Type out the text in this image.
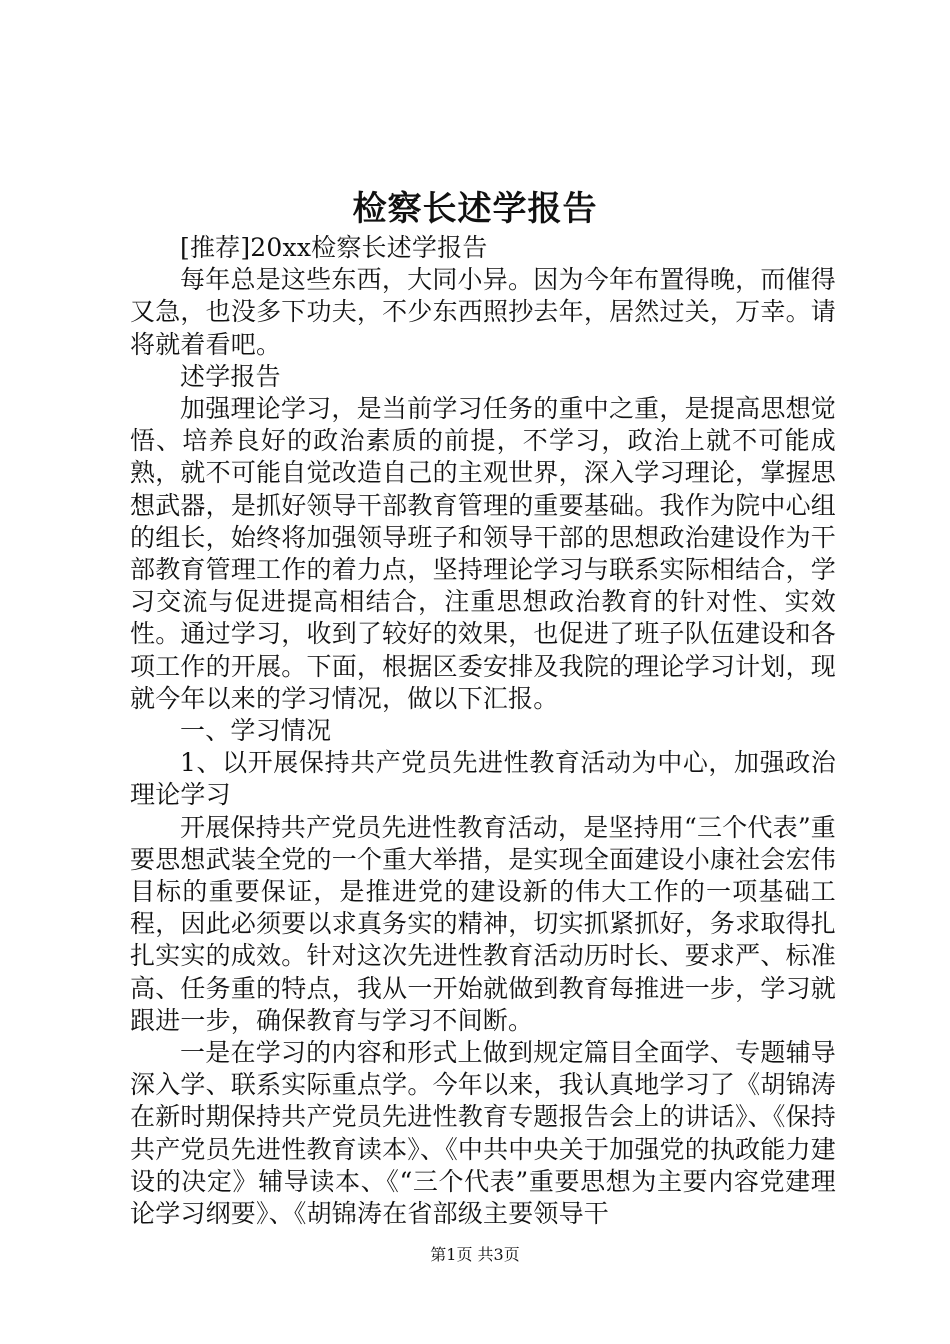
检察长述学报告

[推荐]20xx检察长述学报告

每年总是这些东西，大同小异。因为今年布置得晚，而催得又急，也没多下功夫，不少东西照抄去年，居然过关，万幸。请将就着看吧。

述学报告

加强理论学习，是当前学习任务的重中之重，是提高思想觉悟、培养良好的政治素质的前提，不学习，政治上就不可能成熟，就不可能自觉改造自己的主观世界，深入学习理论，掌握思想武器，是抓好领导干部教育管理的重要基础。我作为院中心组的组长，始终将加强领导班子和领导干部的思想政治建设作为干部教育管理工作的着力点，坚持理论学习与联系实际相结合，学习交流与促进提高相结合，注重思想政治教育的针对性、实效性。通过学习，收到了较好的效果，也促进了班子队伍建设和各项工作的开展。下面，根据区委安排及我院的理论学习计划，现就今年以来的学习情况，做以下汇报。

一、学习情况

1、以开展保持共产党员先进性教育活动为中心，加强政治理论学习

开展保持共产党员先进性教育活动，是坚持用“三个代表”重要思想武装全党的一个重大举措，是实现全面建设小康社会宏伟目标的重要保证，是推进党的建设新的伟大工作的一项基础工程，因此必须要以求真务实的精神，切实抓紧抓好，务求取得扎扎实实的成效。针对这次先进性教育活动历时长、要求严、标准高、任务重的特点，我从一开始就做到教育每推进一步，学习就跟进一步，确保教育与学习不间断。

一是在学习的内容和形式上做到规定篇目全面学、专题辅导深入学、联系实际重点学。今年以来，我认真地学习了《胡锦涛在新时期保持共产党员先进性教育专题报告会上的讲话》、《保持共产党员先进性教育读本》、《中共中央关于加强党的执政能力建设的决定》辅导读本、《“三个代表”重要思想为主要内容党建理论学习纲要》、《胡锦涛在省部级主要领导干

第1页 共3页
